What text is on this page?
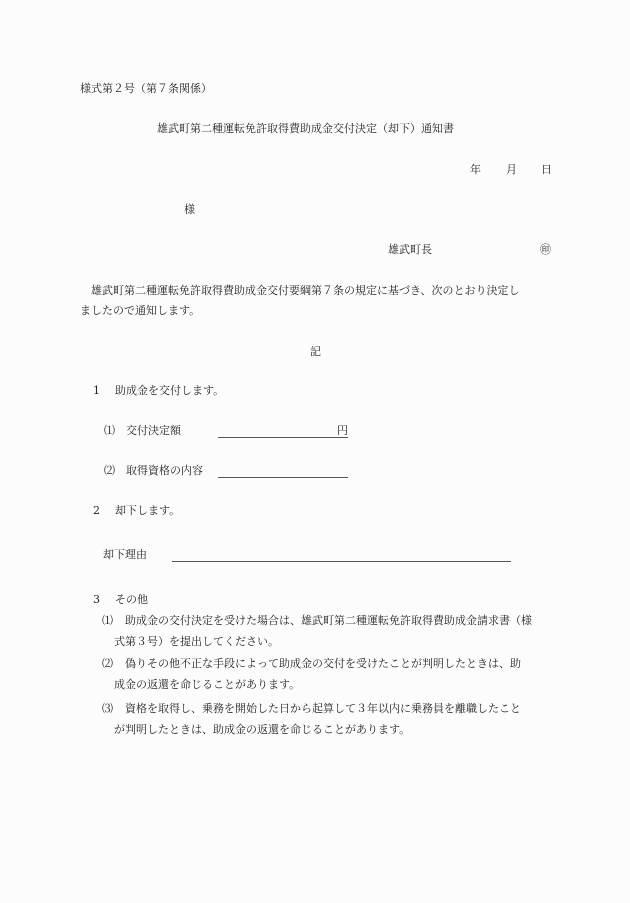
様式第２号（第７条関係）
雄武町第二種運転免許取得費助成金交付決定（却下）通知書
年 月 日
様
雄武町長	㊞
雄武町第二種運転免許取得費助成金交付要綱第７条の規定に基づき、次のとおり決定し
ましたので通知します。
記
1 助成金を交付します。
⑴ 交付決定額	円
⑵ 取得資格の内容
2 却下します。
却下理由
3 その他
⑴ 助成金の交付決定を受けた場合は、雄武町第二種運転免許取得費助成金請求書（様
式第３号）を提出してください。
⑵ 偽りその他不正な手段によって助成金の交付を受けたことが判明したときは、助
成金の返還を命じることがあります。
⑶ 資格を取得し、乗務を開始した日から起算して３年以内に乗務員を離職したこと
が判明したときは、助成金の返還を命じることがあります。
